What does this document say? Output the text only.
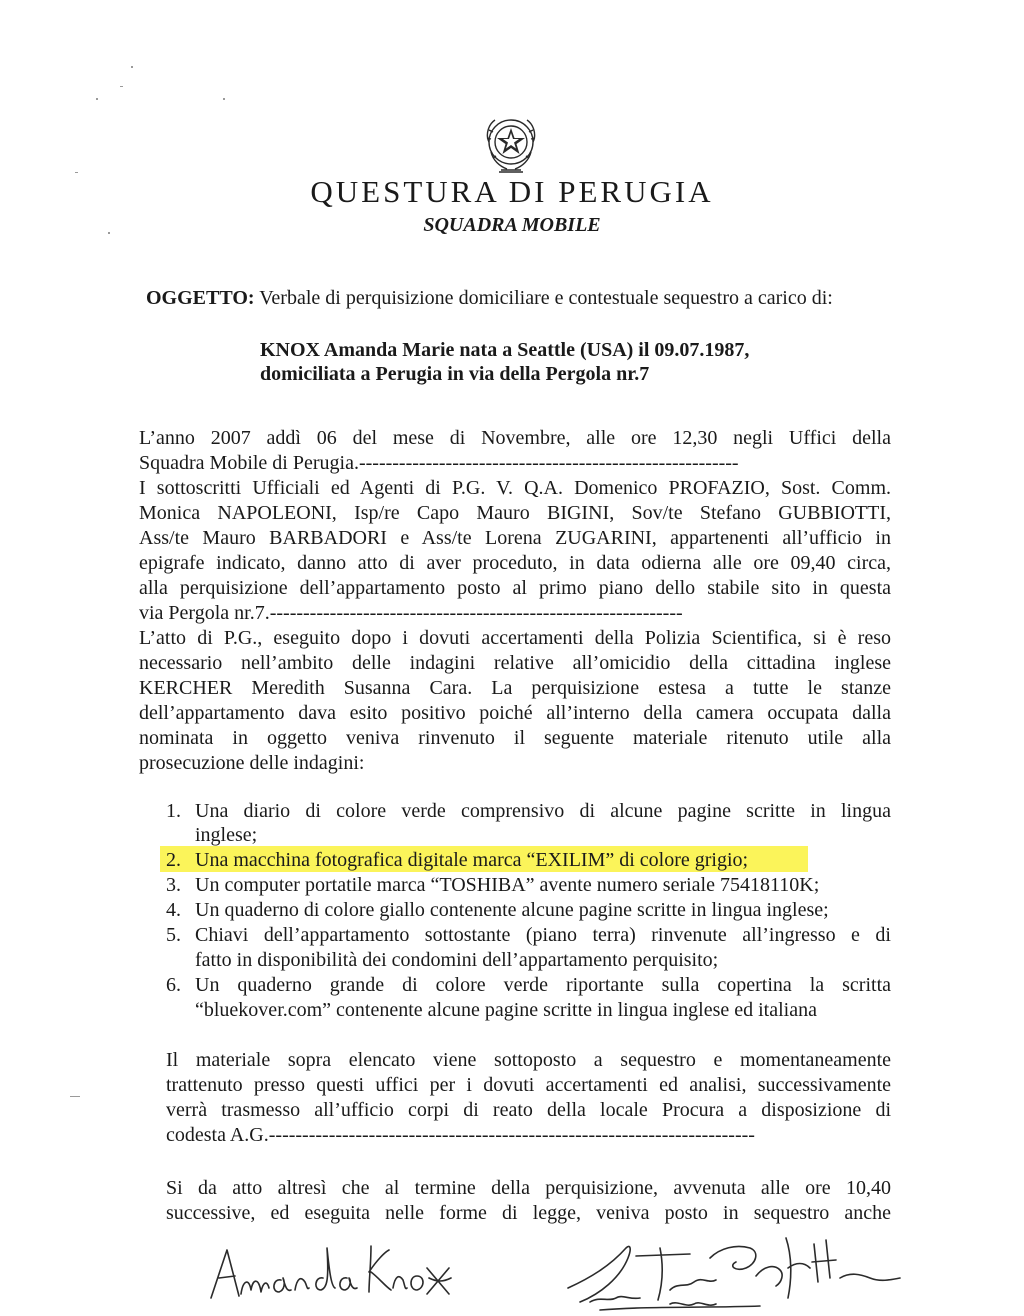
QUESTURA DI PERUGIA
SQUADRA MOBILE
OGGETTO: Verbale di perquisizione domiciliare e contestuale sequestro a carico di:
KNOX Amanda Marie nata a Seattle (USA) il 09.07.1987,
domiciliata a Perugia in via della Pergola nr.7
L’anno 2007 addì 06 del mese di Novembre, alle ore 12,30 negli Uffici della
Squadra Mobile di Perugia.---------------------------------------------------------
I sottoscritti Ufficiali ed Agenti di P.G. V. Q.A. Domenico PROFAZIO, Sost. Comm.
Monica NAPOLEONI, Isp/re Capo Mauro BIGINI, Sov/te Stefano GUBBIOTTI,
Ass/te Mauro BARBADORI e Ass/te Lorena ZUGARINI, appartenenti all’ufficio in
epigrafe indicato, danno atto di aver proceduto, in data odierna alle ore 09,40 circa,
alla perquisizione dell’appartamento posto al primo piano dello stabile sito in questa
via Pergola nr.7.--------------------------------------------------------------
L’atto di P.G., eseguito dopo i dovuti accertamenti della Polizia Scientifica, si è reso
necessario nell’ambito delle indagini relative all’omicidio della cittadina inglese
KERCHER Meredith Susanna Cara. La perquisizione estesa a tutte le stanze
dell’appartamento dava esito positivo poiché all’interno della camera occupata dalla
nominata in oggetto veniva rinvenuto il seguente materiale ritenuto utile alla
prosecuzione delle indagini:
1. Una diario di colore verde comprensivo di alcune pagine scritte in lingua
inglese;
2. Una macchina fotografica digitale marca “EXILIM” di colore grigio;
3. Un computer portatile marca “TOSHIBA” avente numero seriale 75418110K;
4. Un quaderno di colore giallo contenente alcune pagine scritte in lingua inglese;
5. Chiavi dell’appartamento sottostante (piano terra) rinvenute all’ingresso e di
fatto in disponibilità dei condomini dell’appartamento perquisito;
6. Un quaderno grande di colore verde riportante sulla copertina la scritta
“bluekover.com” contenente alcune pagine scritte in lingua inglese ed italiana
Il materiale sopra elencato viene sottoposto a sequestro e momentaneamente
trattenuto presso questi uffici per i dovuti accertamenti ed analisi, successivamente
verrà trasmesso all’ufficio corpi di reato della locale Procura a disposizione di
codesta A.G.-------------------------------------------------------------------------
Si da atto altresì che al termine della perquisizione, avvenuta alle ore 10,40
successive, ed eseguita nelle forme di legge, veniva posto in sequestro anche
